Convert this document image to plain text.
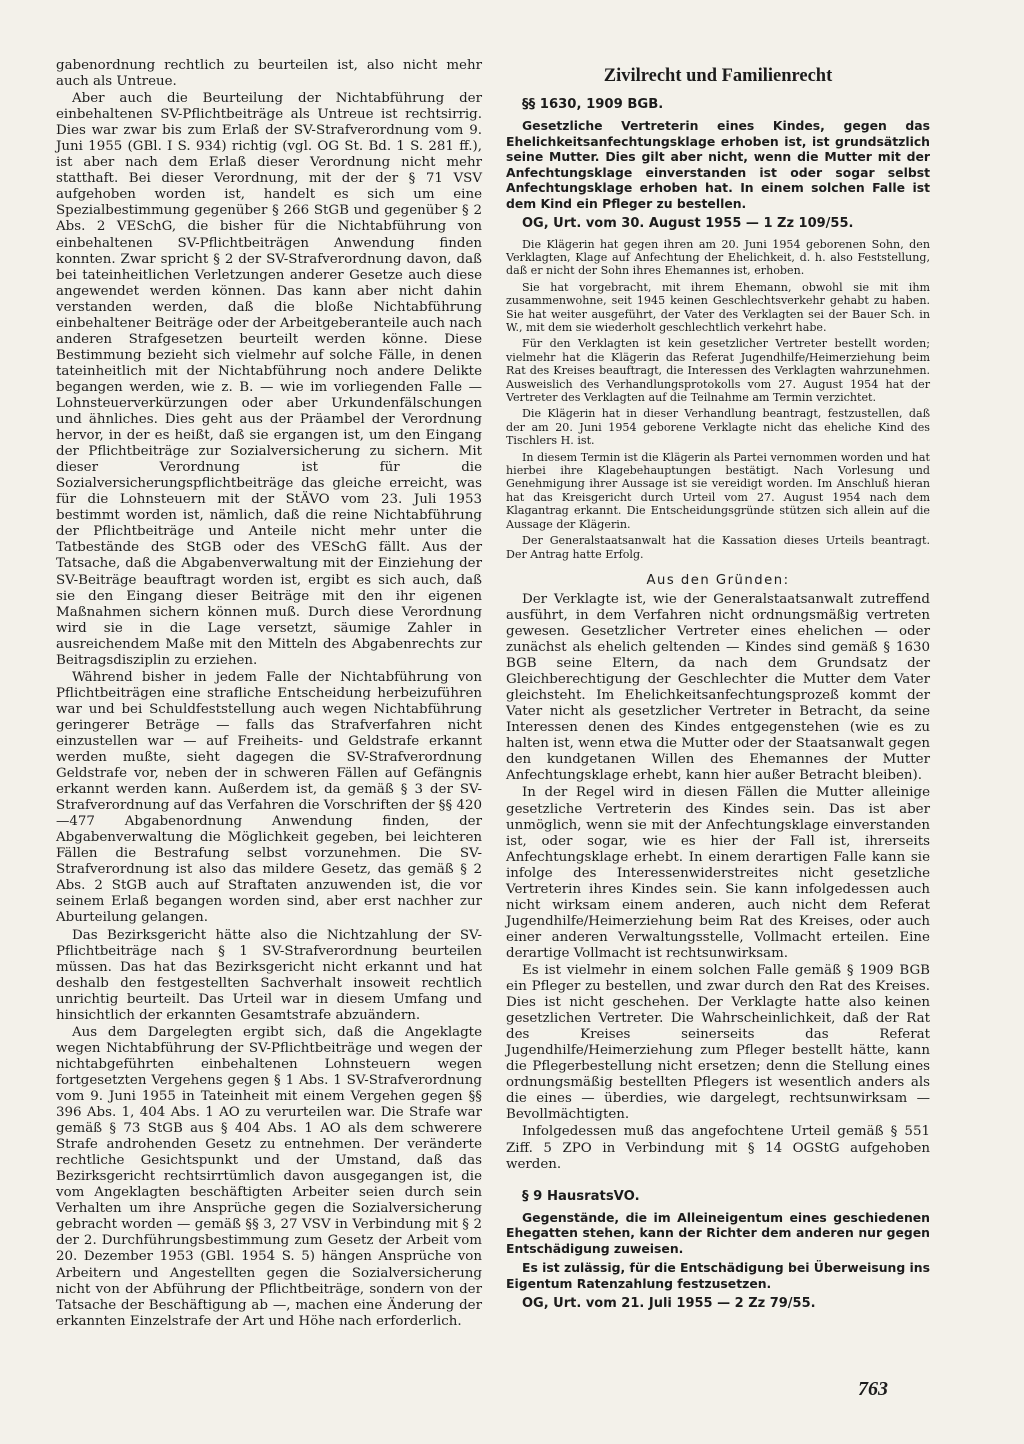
gabenordnung rechtlich zu beurteilen ist, also nicht mehr auch als Untreue.

Aber auch die Beurteilung der Nichtabführung der einbehaltenen SV-Pflichtbeiträge als Untreue ist rechtsirrig. Dies war zwar bis zum Erlaß der SV-Strafverordnung vom 9. Juni 1955 (GBl. I S. 934) richtig (vgl. OG St. Bd. 1 S. 281 ff.), ist aber nach dem Erlaß dieser Verordnung nicht mehr statthaft. Bei dieser Verordnung, mit der der § 71 VSV aufgehoben worden ist, handelt es sich um eine Spezialbestimmung gegenüber § 266 StGB und gegenüber § 2 Abs. 2 VESchG, die bisher für die Nichtabführung von einbehaltenen SV-Pflichtbeiträgen Anwendung finden konnten. Zwar spricht § 2 der SV-Strafverordnung davon, daß bei tateinheitlichen Verletzungen anderer Gesetze auch diese angewendet werden können. Das kann aber nicht dahin verstanden werden, daß die bloße Nichtabführung einbehaltener Beiträge oder der Arbeitgeberanteile auch nach anderen Strafgesetzen beurteilt werden könne. Diese Bestimmung bezieht sich vielmehr auf solche Fälle, in denen tateinheitlich mit der Nichtabführung noch andere Delikte begangen werden, wie z. B. — wie im vorliegenden Falle — Lohnsteuerverkürzungen oder aber Urkundenfälschungen und ähnliches. Dies geht aus der Präambel der Verordnung hervor, in der es heißt, daß sie ergangen ist, um den Eingang der Pflichtbeiträge zur Sozialversicherung zu sichern. Mit dieser Verordnung ist für die Sozialversicherungspflichtbeiträge das gleiche erreicht, was für die Lohnsteuern mit der StÄVO vom 23. Juli 1953 bestimmt worden ist, nämlich, daß die reine Nichtabführung der Pflichtbeiträge und Anteile nicht mehr unter die Tatbestände des StGB oder des VESchG fällt. Aus der Tatsache, daß die Abgabenverwaltung mit der Einziehung der SV-Beiträge beauftragt worden ist, ergibt es sich auch, daß sie den Eingang dieser Beiträge mit den ihr eigenen Maßnahmen sichern können muß. Durch diese Verordnung wird sie in die Lage versetzt, säumige Zahler in ausreichendem Maße mit den Mitteln des Abgabenrechts zur Beitragsdisziplin zu erziehen.

Während bisher in jedem Falle der Nichtabführung von Pflichtbeiträgen eine strafliche Entscheidung herbeizuführen war und bei Schuldfeststellung auch wegen Nichtabführung geringerer Beträge — falls das Strafverfahren nicht einzustellen war — auf Freiheits- und Geldstrafe erkannt werden mußte, sieht dagegen die SV-Strafverordnung Geldstrafe vor, neben der in schweren Fällen auf Gefängnis erkannt werden kann. Außerdem ist, da gemäß § 3 der SV-Strafverordnung auf das Verfahren die Vorschriften der §§ 420—477 Abgabenordnung Anwendung finden, der Abgabenverwaltung die Möglichkeit gegeben, bei leichteren Fällen die Bestrafung selbst vorzunehmen. Die SV-Strafverordnung ist also das mildere Gesetz, das gemäß § 2 Abs. 2 StGB auch auf Straftaten anzuwenden ist, die vor seinem Erlaß begangen worden sind, aber erst nachher zur Aburteilung gelangen.

Das Bezirksgericht hätte also die Nichtzahlung der SV-Pflichtbeiträge nach § 1 SV-Strafverordnung beurteilen müssen. Das hat das Bezirksgericht nicht erkannt und hat deshalb den festgestellten Sachverhalt insoweit rechtlich unrichtig beurteilt. Das Urteil war in diesem Umfang und hinsichtlich der erkannten Gesamtstrafe abzuändern.

Aus dem Dargelegten ergibt sich, daß die Angeklagte wegen Nichtabführung der SV-Pflichtbeiträge und wegen der nichtabgeführten einbehaltenen Lohnsteuern wegen fortgesetzten Vergehens gegen § 1 Abs. 1 SV-Strafverordnung vom 9. Juni 1955 in Tateinheit mit einem Vergehen gegen §§ 396 Abs. 1, 404 Abs. 1 AO zu verurteilen war. Die Strafe war gemäß § 73 StGB aus § 404 Abs. 1 AO als dem schwerere Strafe androhenden Gesetz zu entnehmen. Der veränderte rechtliche Gesichtspunkt und der Umstand, daß das Bezirksgericht rechtsirrtümlich davon ausgegangen ist, die vom Angeklagten beschäftigten Arbeiter seien durch sein Verhalten um ihre Ansprüche gegen die Sozialversicherung gebracht worden — gemäß §§ 3, 27 VSV in Verbindung mit § 2 der 2. Durchführungsbestimmung zum Gesetz der Arbeit vom 20. Dezember 1953 (GBl. 1954 S. 5) hängen Ansprüche von Arbeitern und Angestellten gegen die Sozialversicherung nicht von der Abführung der Pflichtbeiträge, sondern von der Tatsache der Beschäftigung ab —, machen eine Änderung der erkannten Einzelstrafe der Art und Höhe nach erforderlich.

Zivilrecht und Familienrecht
§§ 1630, 1909 BGB.

Gesetzliche Vertreterin eines Kindes, gegen das Ehelichkeitsanfechtungsklage erhoben ist, ist grundsätzlich seine Mutter. Dies gilt aber nicht, wenn die Mutter mit der Anfechtungsklage einverstanden ist oder sogar selbst Anfechtungsklage erhoben hat. In einem solchen Falle ist dem Kind ein Pfleger zu bestellen.

OG, Urt. vom 30. August 1955 — 1 Zz 109/55.

Die Klägerin hat gegen ihren am 20. Juni 1954 geborenen Sohn, den Verklagten, Klage auf Anfechtung der Ehelichkeit, d. h. also Feststellung, daß er nicht der Sohn ihres Ehemannes ist, erhoben.

Sie hat vorgebracht, mit ihrem Ehemann, obwohl sie mit ihm zusammenwohne, seit 1945 keinen Geschlechtsverkehr gehabt zu haben. Sie hat weiter ausgeführt, der Vater des Verklagten sei der Bauer Sch. in W., mit dem sie wiederholt geschlechtlich verkehrt habe.

Für den Verklagten ist kein gesetzlicher Vertreter bestellt worden; vielmehr hat die Klägerin das Referat Jugendhilfe/Heimerziehung beim Rat des Kreises beauftragt, die Interessen des Verklagten wahrzunehmen. Ausweislich des Verhandlungsprotokolls vom 27. August 1954 hat der Vertreter des Verklagten auf die Teilnahme am Termin verzichtet.

Die Klägerin hat in dieser Verhandlung beantragt, festzustellen, daß der am 20. Juni 1954 geborene Verklagte nicht das eheliche Kind des Tischlers H. ist.

In diesem Termin ist die Klägerin als Partei vernommen worden und hat hierbei ihre Klagebehauptungen bestätigt. Nach Vorlesung und Genehmigung ihrer Aussage ist sie vereidigt worden. Im Anschluß hieran hat das Kreisgericht durch Urteil vom 27. August 1954 nach dem Klagantrag erkannt. Die Entscheidungsgründe stützen sich allein auf die Aussage der Klägerin.

Der Generalstaatsanwalt hat die Kassation dieses Urteils beantragt. Der Antrag hatte Erfolg.

Aus den Gründen:

Der Verklagte ist, wie der Generalstaatsanwalt zutreffend ausführt, in dem Verfahren nicht ordnungsmäßig vertreten gewesen. Gesetzlicher Vertreter eines ehelichen — oder zunächst als ehelich geltenden — Kindes sind gemäß § 1630 BGB seine Eltern, da nach dem Grundsatz der Gleichberechtigung der Geschlechter die Mutter dem Vater gleichsteht. Im Ehelichkeitsanfechtungsprozeß kommt der Vater nicht als gesetzlicher Vertreter in Betracht, da seine Interessen denen des Kindes entgegenstehen (wie es zu halten ist, wenn etwa die Mutter oder der Staatsanwalt gegen den kundgetanen Willen des Ehemannes der Mutter Anfechtungsklage erhebt, kann hier außer Betracht bleiben).

In der Regel wird in diesen Fällen die Mutter alleinige gesetzliche Vertreterin des Kindes sein. Das ist aber unmöglich, wenn sie mit der Anfechtungsklage einverstanden ist, oder sogar, wie es hier der Fall ist, ihrerseits Anfechtungsklage erhebt. In einem derartigen Falle kann sie infolge des Interessenwiderstreites nicht gesetzliche Vertreterin ihres Kindes sein. Sie kann infolgedessen auch nicht wirksam einem anderen, auch nicht dem Referat Jugendhilfe/Heimerziehung beim Rat des Kreises, oder auch einer anderen Verwaltungsstelle, Vollmacht erteilen. Eine derartige Vollmacht ist rechtsunwirksam.

Es ist vielmehr in einem solchen Falle gemäß § 1909 BGB ein Pfleger zu bestellen, und zwar durch den Rat des Kreises. Dies ist nicht geschehen. Der Verklagte hatte also keinen gesetzlichen Vertreter. Die Wahrscheinlichkeit, daß der Rat des Kreises seinerseits das Referat Jugendhilfe/Heimerziehung zum Pfleger bestellt hätte, kann die Pflegerbestellung nicht ersetzen; denn die Stellung eines ordnungsmäßig bestellten Pflegers ist wesentlich anders als die eines — überdies, wie dargelegt, rechtsunwirksam — Bevollmächtigten.

Infolgedessen muß das angefochtene Urteil gemäß § 551 Ziff. 5 ZPO in Verbindung mit § 14 OGStG aufgehoben werden.

§ 9 HausratsVO.

Gegenstände, die im Alleineigentum eines geschiedenen Ehegatten stehen, kann der Richter dem anderen nur gegen Entschädigung zuweisen.

Es ist zulässig, für die Entschädigung bei Überweisung ins Eigentum Ratenzahlung festzusetzen.

OG, Urt. vom 21. Juli 1955 — 2 Zz 79/55.
763
